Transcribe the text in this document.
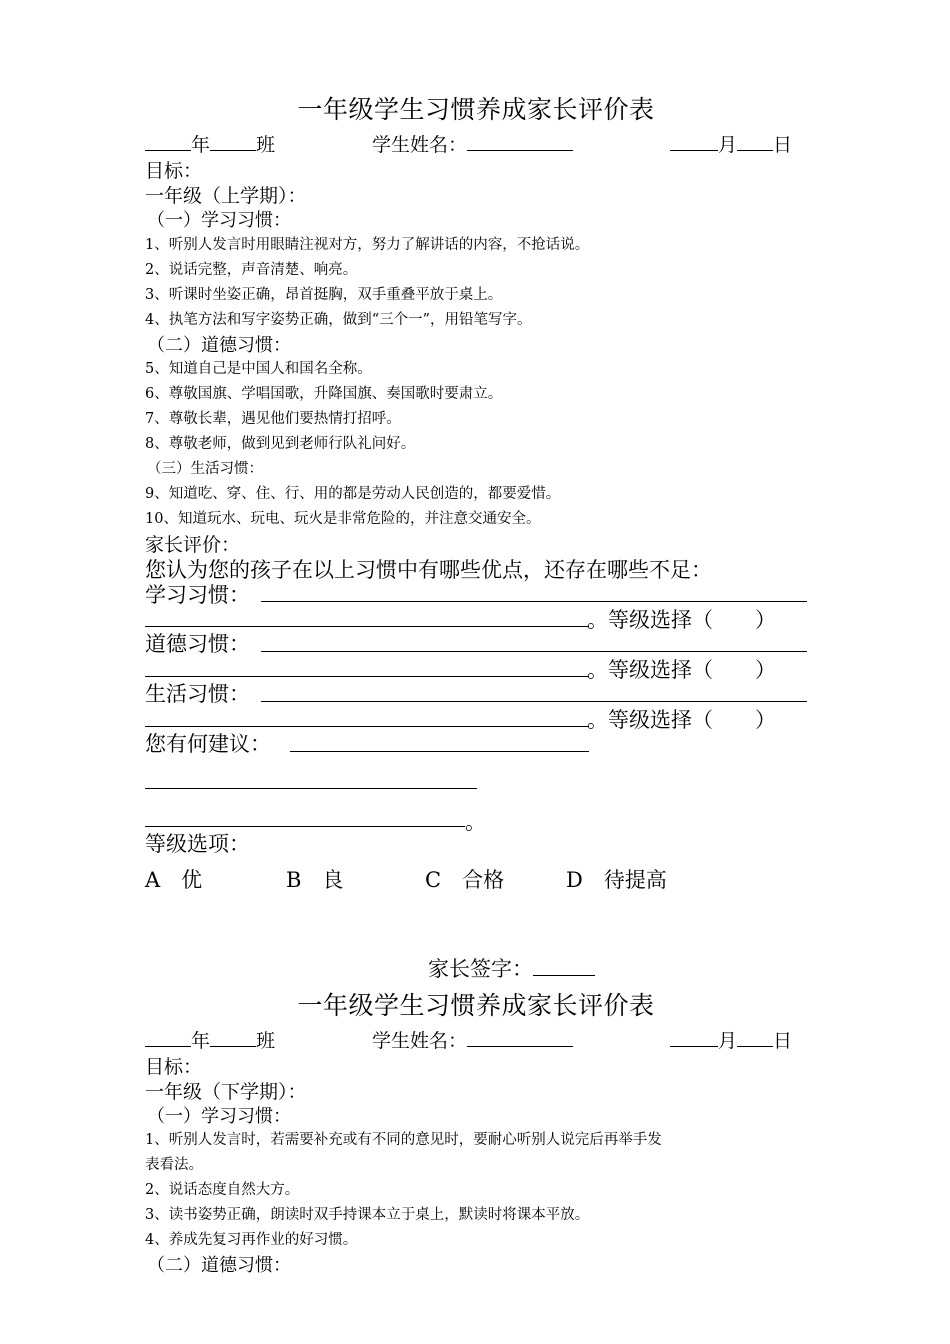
一年级学生习惯养成家长评价表
年 班	学生姓名：	月 日
目标：
一年级（上学期）：
（一）学习习惯：
1、听别人发言时用眼睛注视对方，努力了解讲话的内容，不抢话说。
2、说话完整，声音清楚、响亮。
3、听课时坐姿正确，昂首挺胸，双手重叠平放于桌上。
4、执笔方法和写字姿势正确，做到“三个一”，用铅笔写字。
（二）道德习惯：
5、知道自己是中国人和国名全称。
6、尊敬国旗、学唱国歌，升降国旗、奏国歌时要肃立。
7、尊敬长辈，遇见他们要热情打招呼。
8、尊敬老师，做到见到老师行队礼问好。
（三）生活习惯：
9、知道吃、穿、住、行、用的都是劳动人民创造的，都要爱惜。
10、知道玩水、玩电、玩火是非常危险的，并注意交通安全。
家长评价：
您认为您的孩子在以上习惯中有哪些优点，还存在哪些不足：
学习习惯：
。等级选择（　　）
道德习惯：
。等级选择（　　）
生活习惯：
。等级选择（　　）
您有何建议：
。
等级选项：
A　优	B　良	C　合格	D　待提高
家长签字：
一年级学生习惯养成家长评价表
年 班	学生姓名：	月 日
目标：
一年级（下学期）：
（一）学习习惯：
1、听别人发言时，若需要补充或有不同的意见时，要耐心听别人说完后再举手发
表看法。
2、说话态度自然大方。
3、读书姿势正确，朗读时双手持课本立于桌上，默读时将课本平放。
4、养成先复习再作业的好习惯。
（二）道德习惯：
